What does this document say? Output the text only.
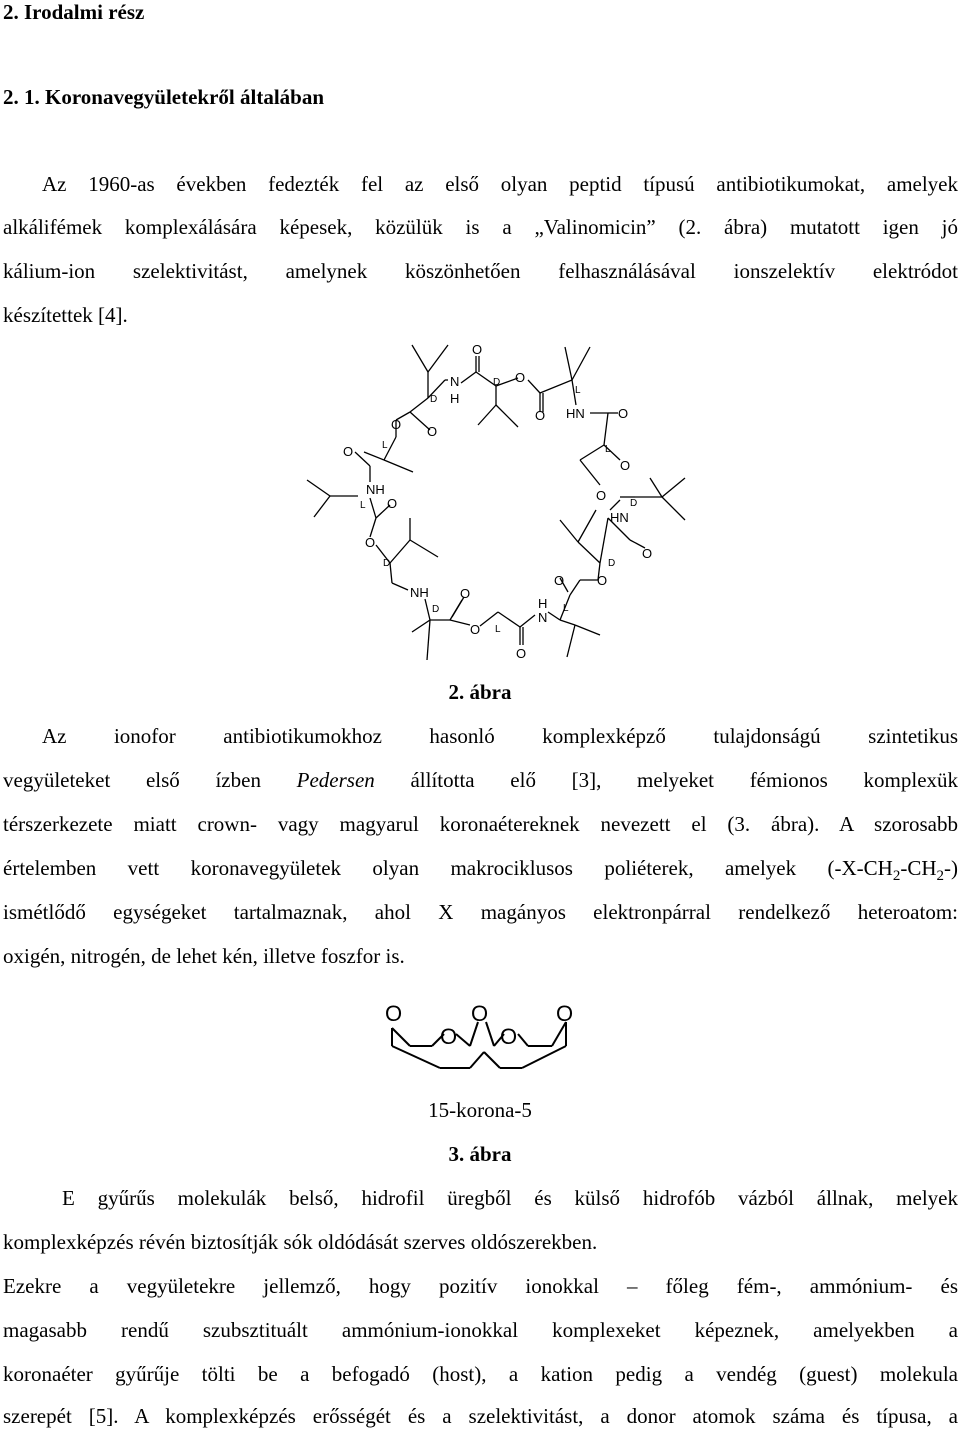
2. Irodalmi rész
2. 1. Koronavegyületekről általában
Az 1960-as években fedezték fel az első olyan peptid típusú antibiotikumokat, amelyek
alkálifémek komplexálására képesek, közülük is a „Valinomicin” (2. ábra) mutatott igen jó
kálium-ion szelektivitást, amelynek köszönhetően felhasználásával ionszelektív elektródot
készítettek [4].
O
N
H
D
D O
L
O HN	O
L
O
O O
L
O
NH
L O
O
D
O
D
HN
O
D
O	O
NH
D
O
O L
H
N
L
O
2. ábra
Az ionofor antibiotikumokhoz hasonló komplexképző tulajdonságú szintetikus
vegyületeket első ízben Pedersen állította elő [3], melyeket fémionos komplexük
térszerkezete miatt crown- vagy magyarul koronaétereknek nevezett el (3. ábra). A szorosabb
értelemben vett koronavegyületek olyan makrociklusos poliéterek, amelyek $(-X-CH_2-CH_2-)$
ismétlődő egységeket tartalmaznak, ahol X magányos elektronpárral rendelkező heteroatom:
oxigén, nitrogén, de lehet kén, illetve foszfor is.
O	O	O
O O
15-korona-5
3. ábra
E gyűrűs molekulák belső, hidrofil üregből és külső hidrofób vázból állnak, melyek
komplexképzés révén biztosítják sók oldódását szerves oldószerekben.
Ezekre a vegyületekre jellemző, hogy pozitív ionokkal – főleg fém-, ammónium- és
magasabb rendű szubsztituált ammónium-ionokkal komplexeket képeznek, amelyekben a
koronaéter gyűrűje tölti be a befogadó (host), a kation pedig a vendég (guest) molekula
szerepét [5]. A komplexképzés erősségét és a szelektivitást, a donor atomok száma és típusa, a
